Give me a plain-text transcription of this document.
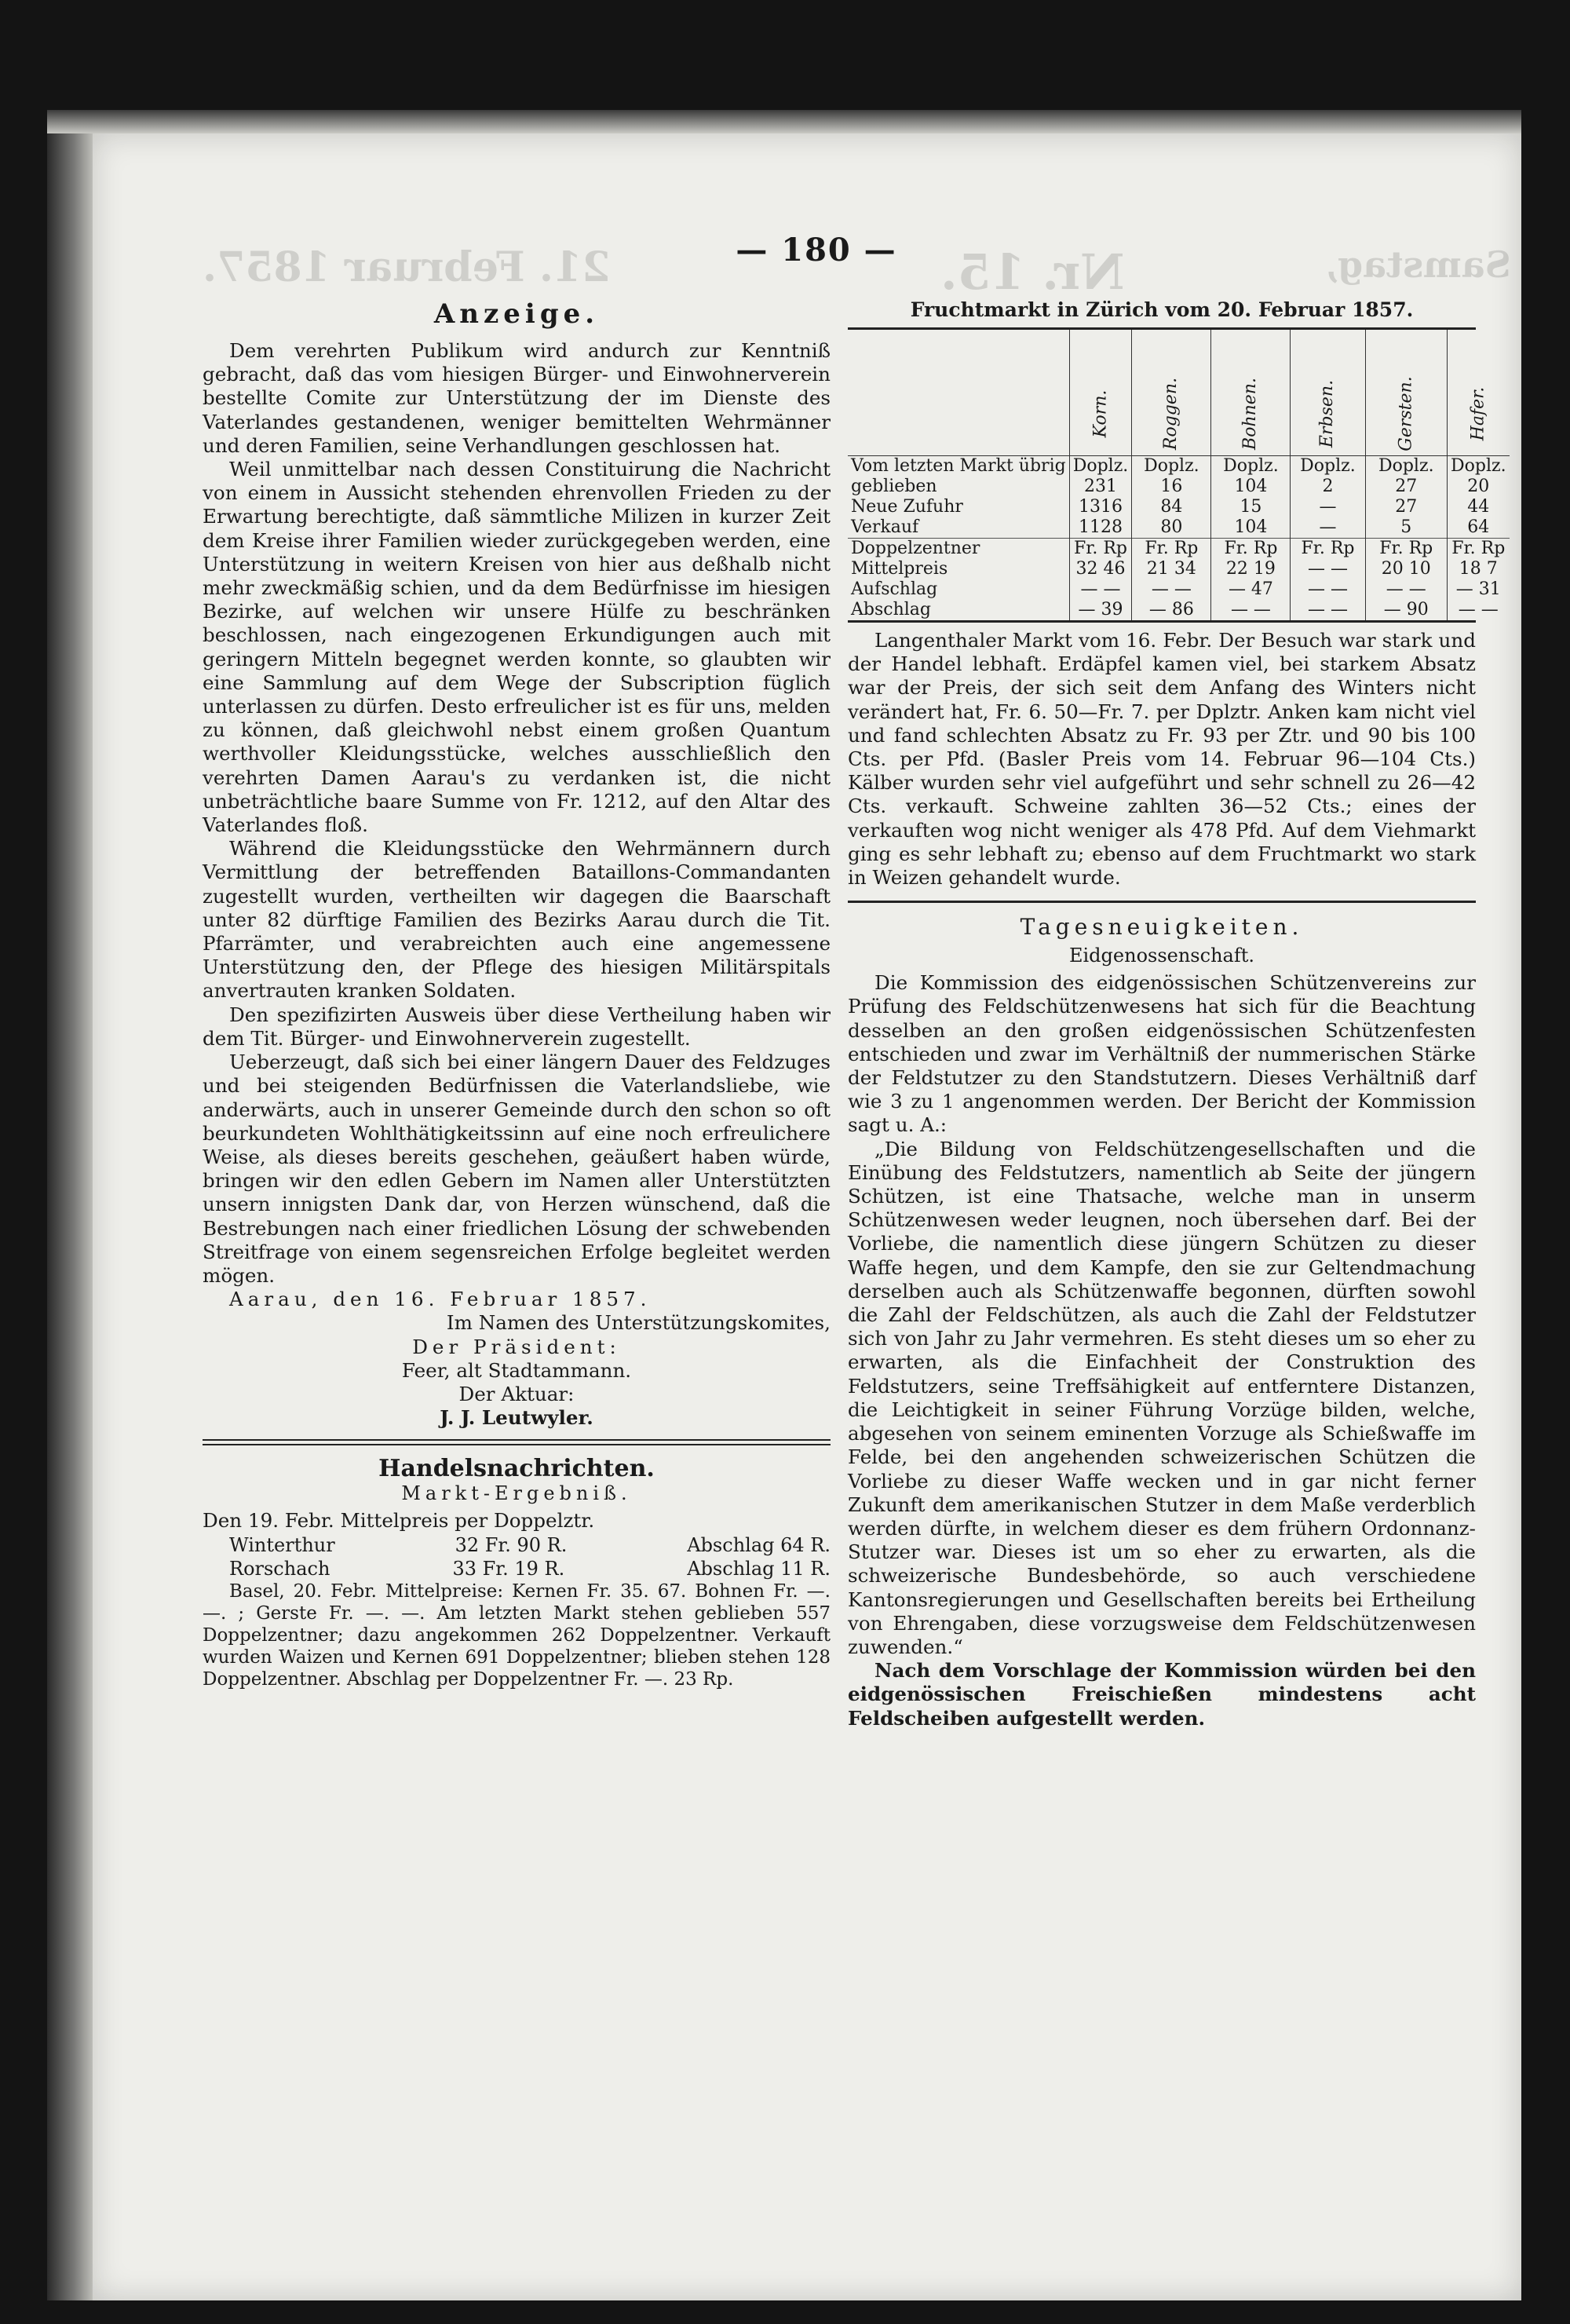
21. Februar 1857.	Nr. 15.	Samstag,
— 180 —
Anzeige.

Dem verehrten Publikum wird andurch zur Kenntniß gebracht, daß das vom hiesigen Bürger- und Einwohnerverein bestellte Comite zur Unterstützung der im Dienste des Vaterlandes gestandenen, weniger bemittelten Wehrmänner und deren Familien, seine Verhandlungen geschlossen hat.

Weil unmittelbar nach dessen Constituirung die Nachricht von einem in Aussicht stehenden ehrenvollen Frieden zu der Erwartung berechtigte, daß sämmtliche Milizen in kurzer Zeit dem Kreise ihrer Familien wieder zurückgegeben werden, eine Unterstützung in weitern Kreisen von hier aus deßhalb nicht mehr zweckmäßig schien, und da dem Bedürfnisse im hiesigen Bezirke, auf welchen wir unsere Hülfe zu beschränken beschlossen, nach eingezogenen Erkundigungen auch mit geringern Mitteln begegnet werden konnte, so glaubten wir eine Sammlung auf dem Wege der Subscription füglich unterlassen zu dürfen. Desto erfreulicher ist es für uns, melden zu können, daß gleichwohl nebst einem großen Quantum werthvoller Kleidungsstücke, welches ausschließlich den verehrten Damen Aarau's zu verdanken ist, die nicht unbeträchtliche baare Summe von Fr. 1212, auf den Altar des Vaterlandes floß.

Während die Kleidungsstücke den Wehrmännern durch Vermittlung der betreffenden Bataillons-Commandanten zugestellt wurden, vertheilten wir dagegen die Baarschaft unter 82 dürftige Familien des Bezirks Aarau durch die Tit. Pfarrämter, und verabreichten auch eine angemessene Unterstützung den, der Pflege des hiesigen Militärspitals anvertrauten kranken Soldaten.

Den spezifizirten Ausweis über diese Vertheilung haben wir dem Tit. Bürger- und Einwohnerverein zugestellt.

Ueberzeugt, daß sich bei einer längern Dauer des Feldzuges und bei steigenden Bedürfnissen die Vaterlandsliebe, wie anderwärts, auch in unserer Gemeinde durch den schon so oft beurkundeten Wohlthätigkeitssinn auf eine noch erfreulichere Weise, als dieses bereits geschehen, geäußert haben würde, bringen wir den edlen Gebern im Namen aller Unterstützten unsern innigsten Dank dar, von Herzen wünschend, daß die Bestrebungen nach einer friedlichen Lösung der schwebenden Streitfrage von einem segensreichen Erfolge begleitet werden mögen.

Aarau, den 16. Februar 1857.

Im Namen des Unterstützungskomites,

Der Präsident:

Feer, alt Stadtammann.

Der Aktuar:

J. J. Leutwyler.

Handelsnachrichten.
Markt-Ergebniß.

Den 19. Febr. Mittelpreis per Doppelztr.

Winterthur	32 Fr. 90 R.	Abschlag 64 R.
Rorschach	33 Fr. 19 R.	Abschlag 11 R.

Basel, 20. Febr. Mittelpreise: Kernen Fr. 35. 67. Bohnen Fr. —. —. ; Gerste Fr. —. —. Am letzten Markt stehen geblieben 557 Doppelzentner; dazu angekommen 262 Doppelzentner. Verkauft wurden Waizen und Kernen 691 Doppelzentner; blieben stehen 128 Doppelzentner. Abschlag per Doppelzentner Fr. —. 23 Rp.

Fruchtmarkt in Zürich vom 20. Februar 1857.
	Korn.	Roggen.	Bohnen.	Erbsen.	Gersten.	Hafer.
Vom letzten Markt übrig	Doplz.	Doplz.	Doplz.	Doplz.	Doplz.	Doplz.
geblieben	231	16	104	2	27	20
Neue Zufuhr	1316	84	15	—	27	44
Verkauf	1128	80	104	—	5	64
Doppelzentner	Fr. Rp	Fr. Rp	Fr. Rp	Fr. Rp	Fr. Rp	Fr. Rp
Mittelpreis	32 46	21 34	22 19	— —	20 10	18 7
Aufschlag	— —	— —	— 47	— —	— —	— 31
Abschlag	— 39	— 86	— —	— —	— 90	— —

Langenthaler Markt vom 16. Febr. Der Besuch war stark und der Handel lebhaft. Erdäpfel kamen viel, bei starkem Absatz war der Preis, der sich seit dem Anfang des Winters nicht verändert hat, Fr. 6. 50—Fr. 7. per Dplztr. Anken kam nicht viel und fand schlechten Absatz zu Fr. 93 per Ztr. und 90 bis 100 Cts. per Pfd. (Basler Preis vom 14. Februar 96—104 Cts.) Kälber wurden sehr viel aufgeführt und sehr schnell zu 26—42 Cts. verkauft. Schweine zahlten 36—52 Cts.; eines der verkauften wog nicht weniger als 478 Pfd. Auf dem Viehmarkt ging es sehr lebhaft zu; ebenso auf dem Fruchtmarkt wo stark in Weizen gehandelt wurde.

Tagesneuigkeiten.
Eidgenossenschaft.

Die Kommission des eidgenössischen Schützenvereins zur Prüfung des Feldschützenwesens hat sich für die Beachtung desselben an den großen eidgenössischen Schützenfesten entschieden und zwar im Verhältniß der nummerischen Stärke der Feldstutzer zu den Standstutzern. Dieses Verhältniß darf wie 3 zu 1 angenommen werden. Der Bericht der Kommission sagt u. A.:

„Die Bildung von Feldschützengesellschaften und die Einübung des Feldstutzers, namentlich ab Seite der jüngern Schützen, ist eine Thatsache, welche man in unserm Schützenwesen weder leugnen, noch übersehen darf. Bei der Vorliebe, die namentlich diese jüngern Schützen zu dieser Waffe hegen, und dem Kampfe, den sie zur Geltendmachung derselben auch als Schützenwaffe begonnen, dürften sowohl die Zahl der Feldschützen, als auch die Zahl der Feldstutzer sich von Jahr zu Jahr vermehren. Es steht dieses um so eher zu erwarten, als die Einfachheit der Construktion des Feldstutzers, seine Treffsähigkeit auf entferntere Distanzen, die Leichtigkeit in seiner Führung Vorzüge bilden, welche, abgesehen von seinem eminenten Vorzuge als Schießwaffe im Felde, bei den angehenden schweizerischen Schützen die Vorliebe zu dieser Waffe wecken und in gar nicht ferner Zukunft dem amerikanischen Stutzer in dem Maße verderblich werden dürfte, in welchem dieser es dem frühern Ordonnanz-Stutzer war. Dieses ist um so eher zu erwarten, als die schweizerische Bundesbehörde, so auch verschiedene Kantonsregierungen und Gesellschaften bereits bei Ertheilung von Ehrengaben, diese vorzugsweise dem Feldschützenwesen zuwenden.“

Nach dem Vorschlage der Kommission würden bei den eidgenössischen Freischießen mindestens acht Feldscheiben aufgestellt werden.
